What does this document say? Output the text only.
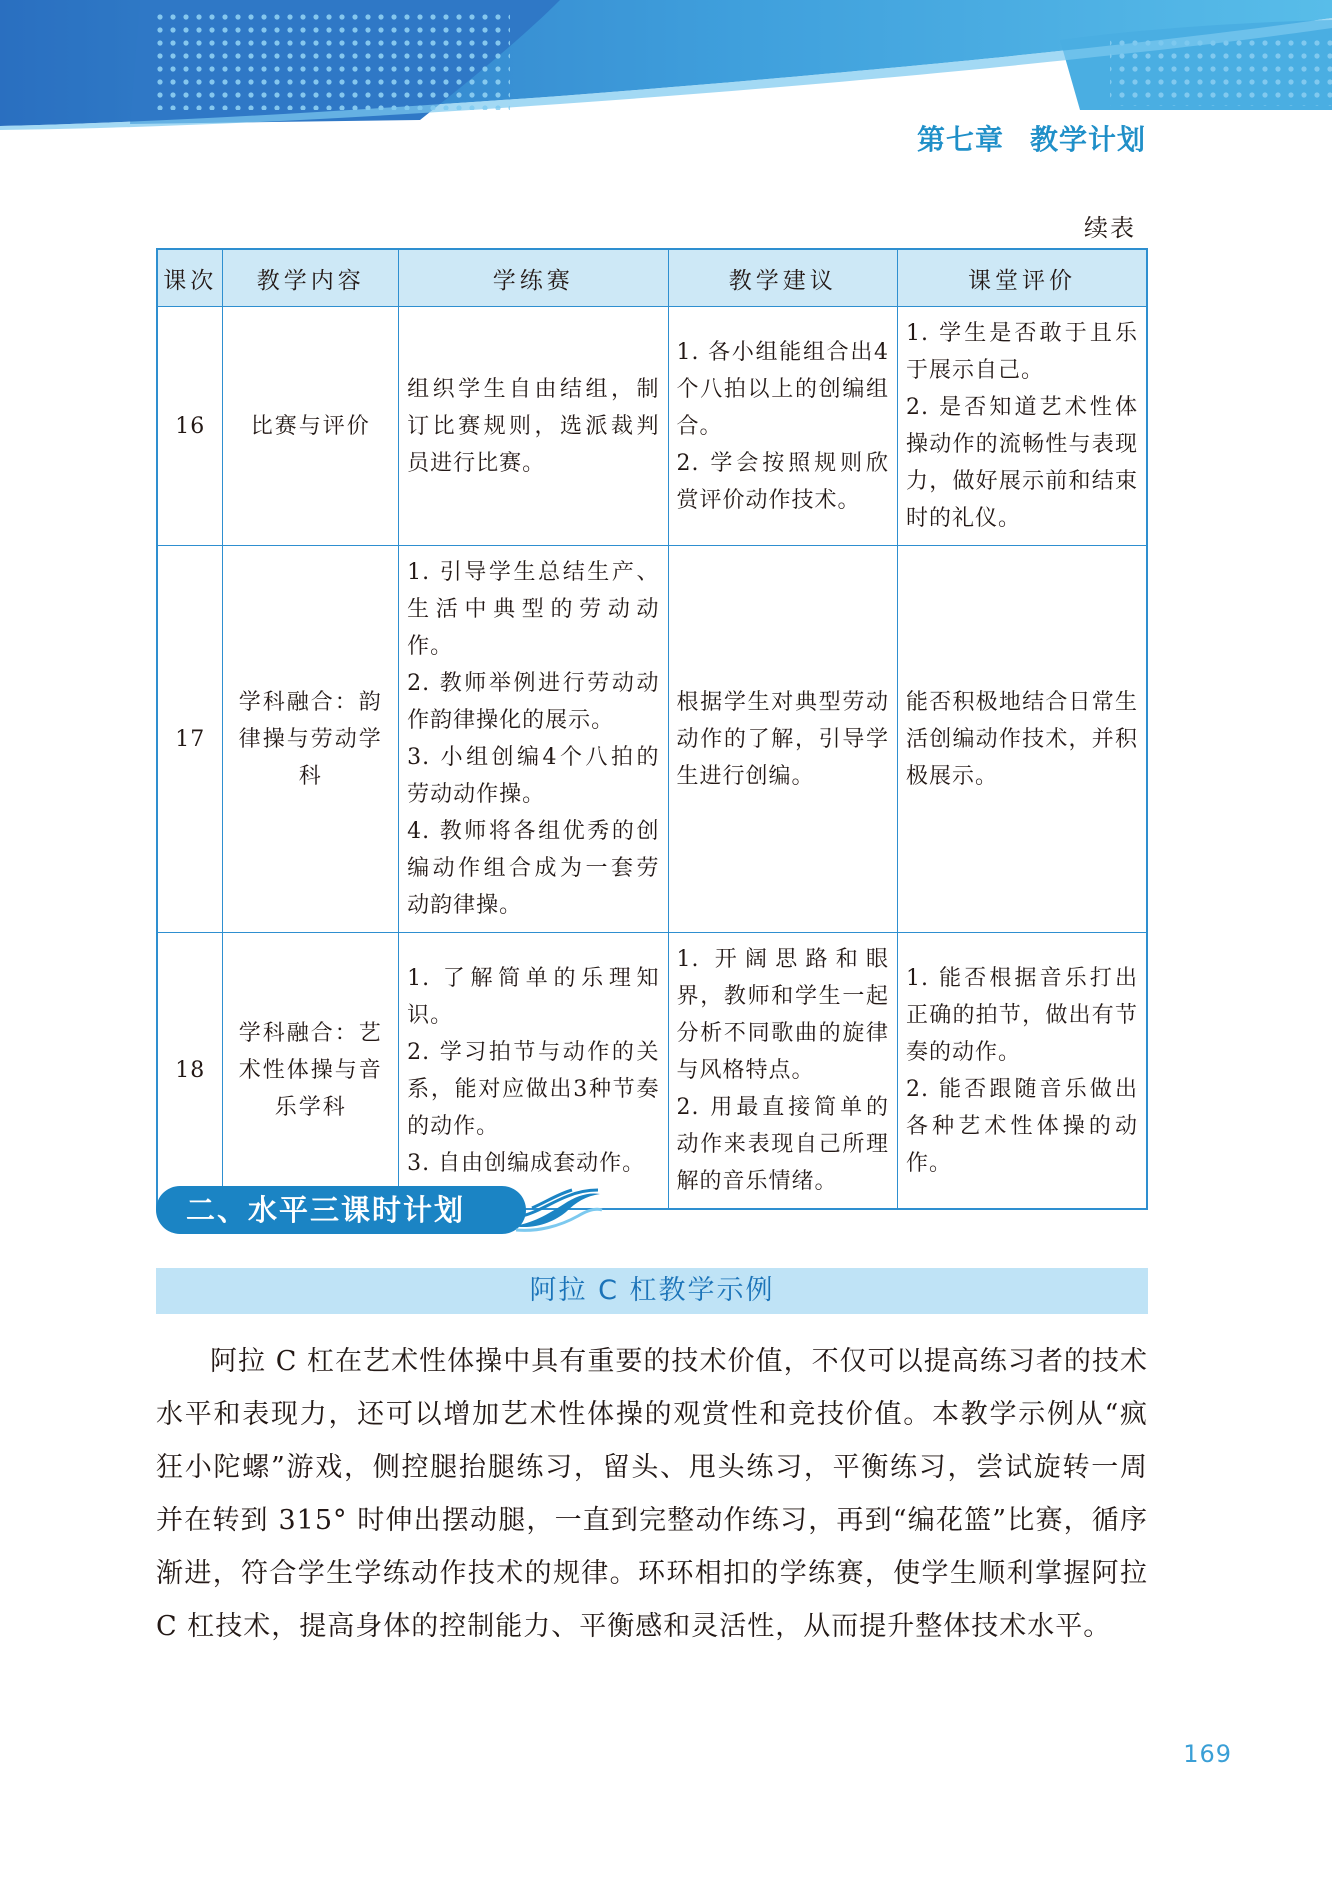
第七章 教学计划
续表
课次	教学内容	学练赛	教学建议	课堂评价
16	比赛与评价	组织学生自由结组，制订比赛规则，选派裁判员进行比赛。	1. 各小组能组合出4个八拍以上的创编组合。
2. 学会按照规则欣赏评价动作技术。	1. 学生是否敢于且乐于展示自己。
2. 是否知道艺术性体操动作的流畅性与表现力，做好展示前和结束时的礼仪。

17	学科融合：韵律操与劳动学科	1. 引导学生总结生产、生活中典型的劳动动作。
2. 教师举例进行劳动动作韵律操化的展示。
3. 小组创编4个八拍的劳动动作操。
4. 教师将各组优秀的创编动作组合成为一套劳动韵律操。	根据学生对典型劳动动作的了解，引导学生进行创编。	能否积极地结合日常生活创编动作技术，并积极展示。

18	学科融合：艺术性体操与音乐学科	1. 了解简单的乐理知识。
2. 学习拍节与动作的关系，能对应做出3种节奏的动作。
3. 自由创编成套动作。	1. 开阔思路和眼界，教师和学生一起分析不同歌曲的旋律与风格特点。
2. 用最直接简单的动作来表现自己所理解的音乐情绪。	1. 能否根据音乐打出正确的拍节，做出有节奏的动作。
2. 能否跟随音乐做出各种艺术性体操的动作。
二、水平三课时计划
阿拉 C 杠教学示例

阿拉 C 杠在艺术性体操中具有重要的技术价值，不仅可以提高练习者的技术水平和表现力，还可以增加艺术性体操的观赏性和竞技价值。本教学示例从“疯狂小陀螺”游戏，侧控腿抬腿练习，留头、甩头练习，平衡练习，尝试旋转一周并在转到 315° 时伸出摆动腿，一直到完整动作练习，再到“编花篮”比赛，循序渐进，符合学生学练动作技术的规律。环环相扣的学练赛，使学生顺利掌握阿拉 C 杠技术，提高身体的控制能力、平衡感和灵活性，从而提升整体技术水平。

169
